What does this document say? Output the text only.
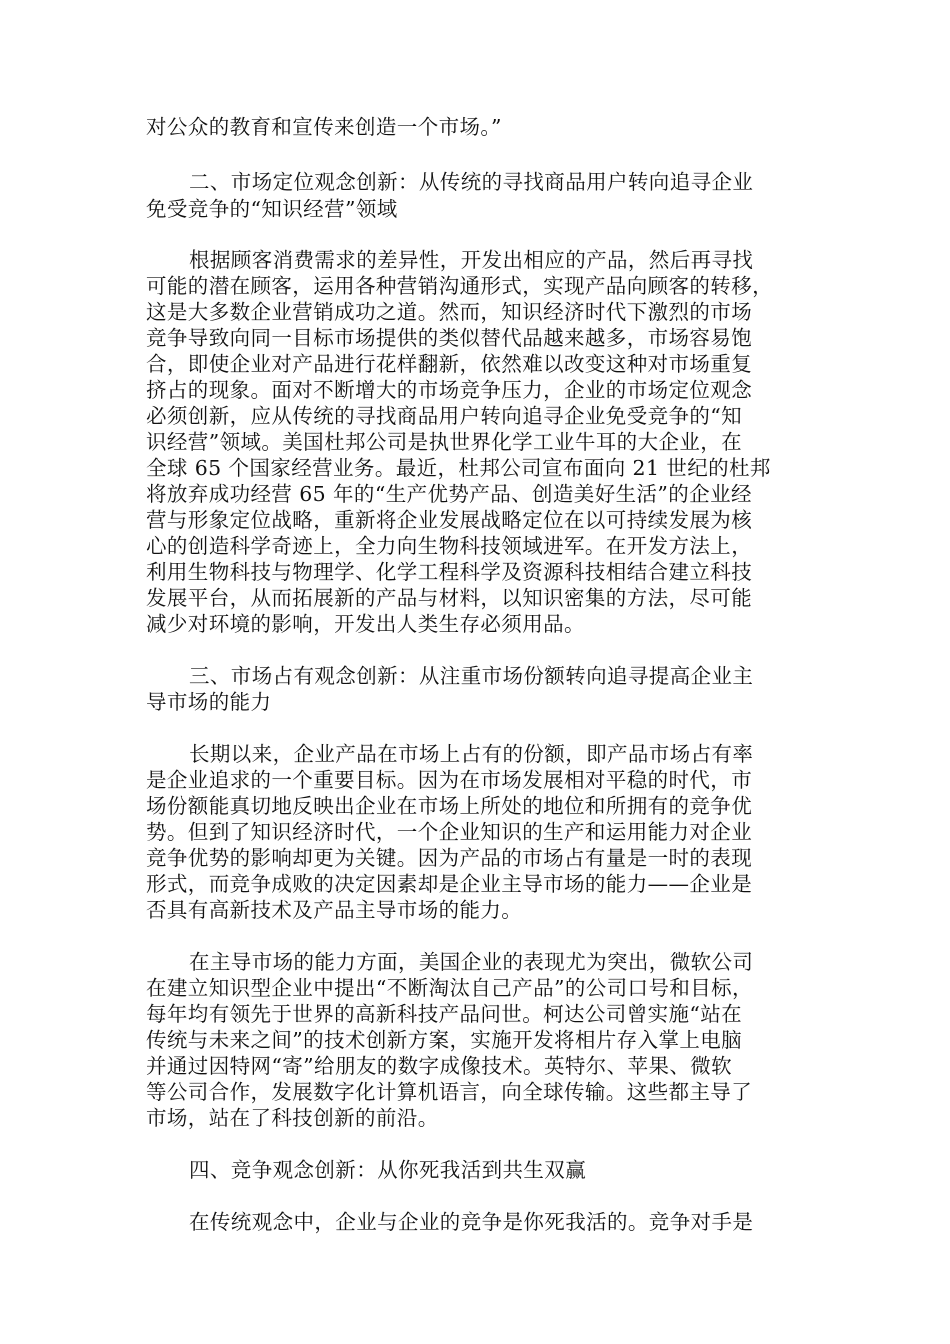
对公众的教育和宣传来创造一个市场。”
二、市场定位观念创新：从传统的寻找商品用户转向追寻企业
免受竞争的“知识经营”领域
根据顾客消费需求的差异性，开发出相应的产品，然后再寻找
可能的潜在顾客，运用各种营销沟通形式，实现产品向顾客的转移，
这是大多数企业营销成功之道。然而，知识经济时代下激烈的市场
竞争导致向同一目标市场提供的类似替代品越来越多，市场容易饱
合，即使企业对产品进行花样翻新，依然难以改变这种对市场重复
挤占的现象。面对不断增大的市场竞争压力，企业的市场定位观念
必须创新，应从传统的寻找商品用户转向追寻企业免受竞争的“知
识经营”领域。美国杜邦公司是执世界化学工业牛耳的大企业，在
全球 65 个国家经营业务。最近，杜邦公司宣布面向 21 世纪的杜邦
将放弃成功经营 65 年的“生产优势产品、创造美好生活”的企业经
营与形象定位战略，重新将企业发展战略定位在以可持续发展为核
心的创造科学奇迹上，全力向生物科技领域进军。在开发方法上，
利用生物科技与物理学、化学工程科学及资源科技相结合建立科技
发展平台，从而拓展新的产品与材料，以知识密集的方法，尽可能
减少对环境的影响，开发出人类生存必须用品。
三、市场占有观念创新：从注重市场份额转向追寻提高企业主
导市场的能力
长期以来，企业产品在市场上占有的份额，即产品市场占有率
是企业追求的一个重要目标。因为在市场发展相对平稳的时代，市
场份额能真切地反映出企业在市场上所处的地位和所拥有的竞争优
势。但到了知识经济时代，一个企业知识的生产和运用能力对企业
竞争优势的影响却更为关键。因为产品的市场占有量是一时的表现
形式，而竞争成败的决定因素却是企业主导市场的能力——企业是
否具有高新技术及产品主导市场的能力。
在主导市场的能力方面，美国企业的表现尤为突出，微软公司
在建立知识型企业中提出“不断淘汰自己产品”的公司口号和目标，
每年均有领先于世界的高新科技产品问世。柯达公司曾实施“站在
传统与未来之间”的技术创新方案，实施开发将相片存入掌上电脑
并通过因特网“寄”给朋友的数字成像技术。英特尔、苹果、微软
等公司合作，发展数字化计算机语言，向全球传输。这些都主导了
市场，站在了科技创新的前沿。
四、竞争观念创新：从你死我活到共生双赢
在传统观念中，企业与企业的竞争是你死我活的。竞争对手是
